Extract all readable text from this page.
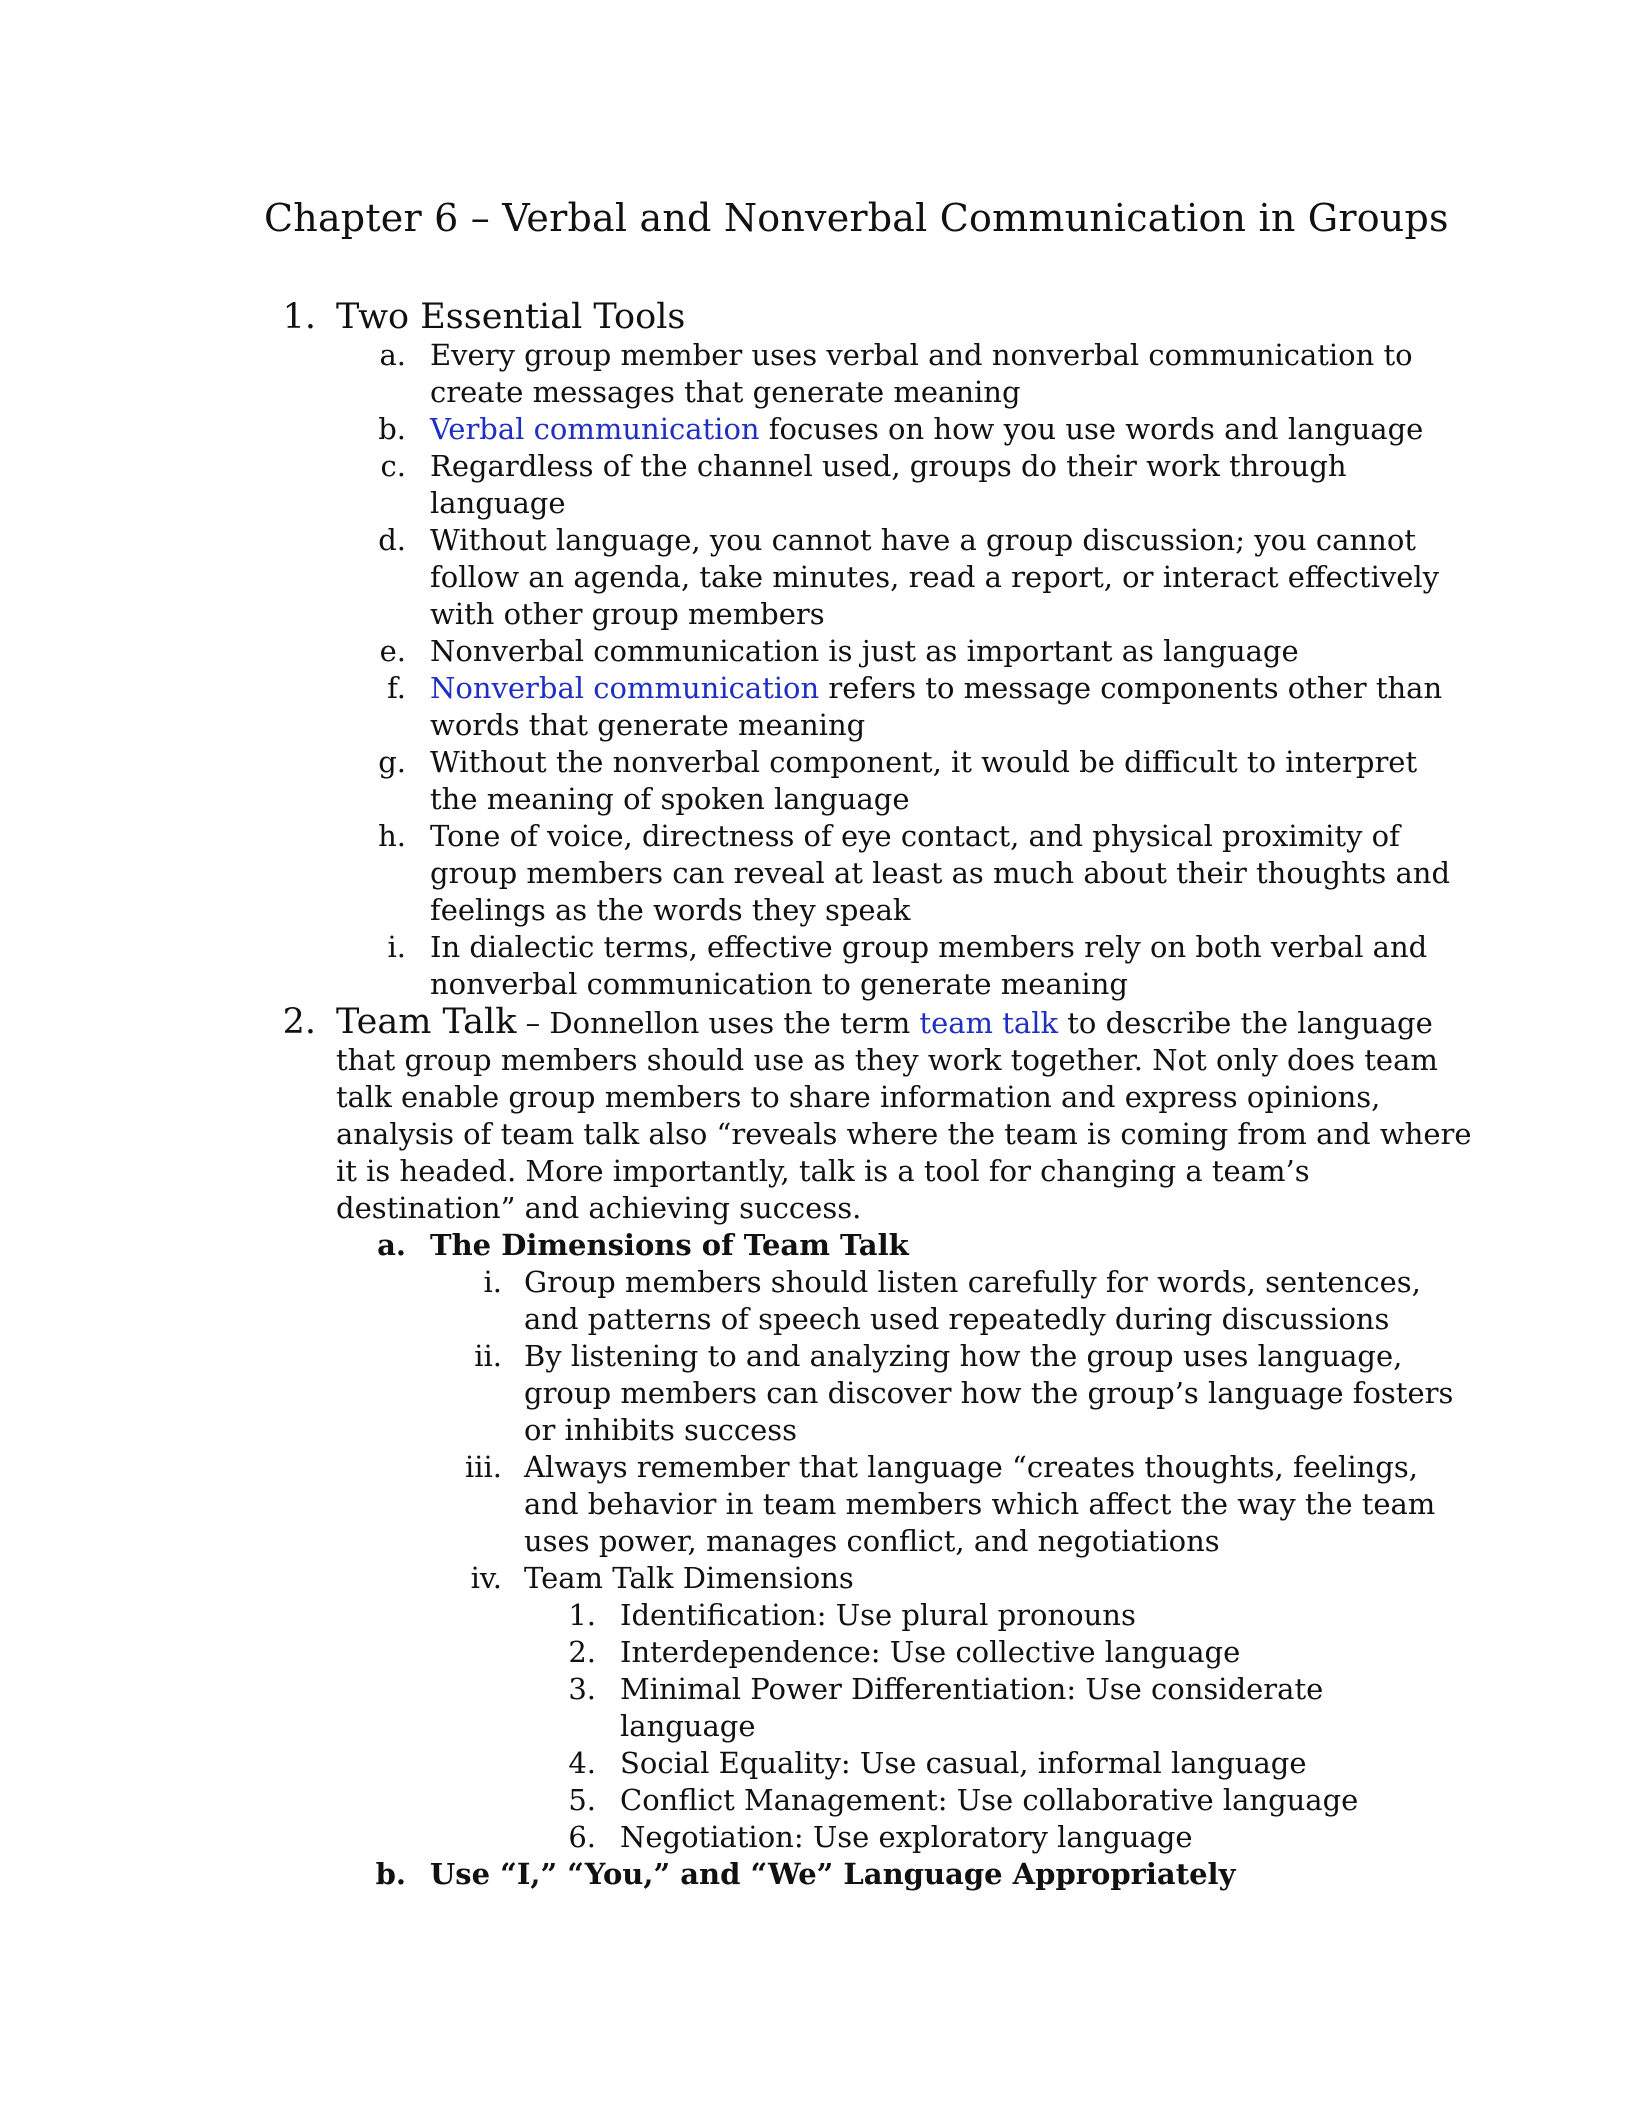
Chapter 6 – Verbal and Nonverbal Communication in Groups
1. Two Essential Tools
a. Every group member uses verbal and nonverbal communication to
create messages that generate meaning
b. Verbal communication focuses on how you use words and language
c. Regardless of the channel used, groups do their work through
language
d. Without language, you cannot have a group discussion; you cannot
follow an agenda, take minutes, read a report, or interact effectively
with other group members
e. Nonverbal communication is just as important as language
f. Nonverbal communication refers to message components other than
words that generate meaning
g. Without the nonverbal component, it would be difficult to interpret
the meaning of spoken language
h. Tone of voice, directness of eye contact, and physical proximity of
group members can reveal at least as much about their thoughts and
feelings as the words they speak
i. In dialectic terms, effective group members rely on both verbal and
nonverbal communication to generate meaning
2. Team Talk – Donnellon uses the term team talk to describe the language
that group members should use as they work together. Not only does team
talk enable group members to share information and express opinions,
analysis of team talk also “reveals where the team is coming from and where
it is headed. More importantly, talk is a tool for changing a team’s
destination” and achieving success.
a. The Dimensions of Team Talk
i. Group members should listen carefully for words, sentences,
and patterns of speech used repeatedly during discussions
ii. By listening to and analyzing how the group uses language,
group members can discover how the group’s language fosters
or inhibits success
iii. Always remember that language “creates thoughts, feelings,
and behavior in team members which affect the way the team
uses power, manages conflict, and negotiations
iv. Team Talk Dimensions
1. Identification: Use plural pronouns
2. Interdependence: Use collective language
3. Minimal Power Differentiation: Use considerate
language
4. Social Equality: Use casual, informal language
5. Conflict Management: Use collaborative language
6. Negotiation: Use exploratory language
b. Use “I,” “You,” and “We” Language Appropriately
